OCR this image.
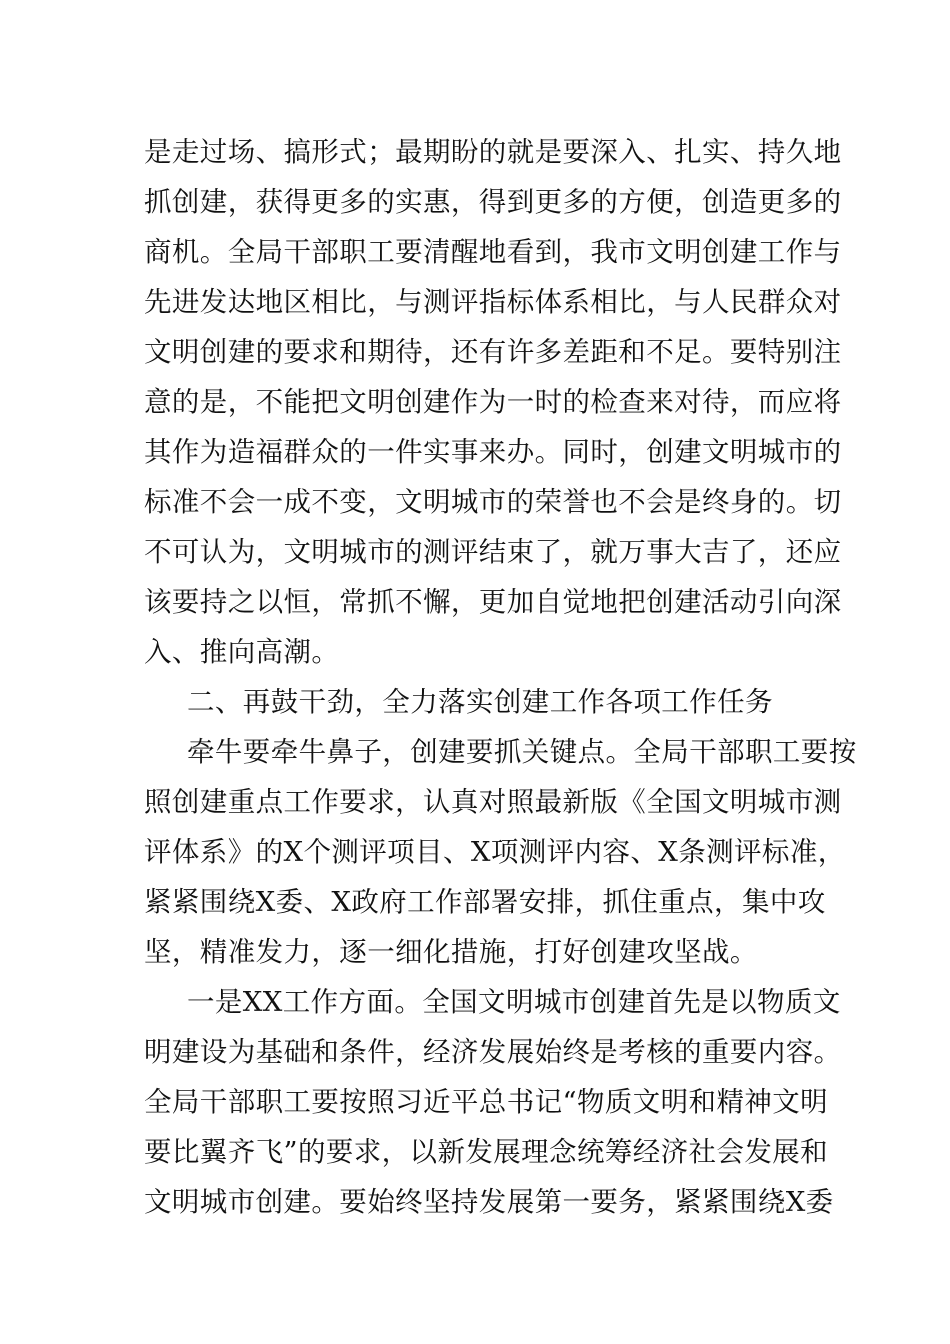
是走过场、搞形式；最期盼的就是要深入、扎实、持久地
抓创建，获得更多的实惠，得到更多的方便，创造更多的
商机。全局干部职工要清醒地看到，我市文明创建工作与
先进发达地区相比，与测评指标体系相比，与人民群众对
文明创建的要求和期待，还有许多差距和不足。要特别注
意的是，不能把文明创建作为一时的检查来对待，而应将
其作为造福群众的一件实事来办。同时，创建文明城市的
标准不会一成不变，文明城市的荣誉也不会是终身的。切
不可认为，文明城市的测评结束了，就万事大吉了，还应
该要持之以恒，常抓不懈，更加自觉地把创建活动引向深
入、推向高潮。
二、再鼓干劲，全力落实创建工作各项工作任务
牵牛要牵牛鼻子，创建要抓关键点。全局干部职工要按
照创建重点工作要求，认真对照最新版《全国文明城市测
评体系》的X个测评项目、X项测评内容、X条测评标准，
紧紧围绕X委、X政府工作部署安排，抓住重点，集中攻
坚，精准发力，逐一细化措施，打好创建攻坚战。
一是XX工作方面。全国文明城市创建首先是以物质文
明建设为基础和条件，经济发展始终是考核的重要内容。
全局干部职工要按照习近平总书记“物质文明和精神文明
要比翼齐飞”的要求，以新发展理念统筹经济社会发展和
文明城市创建。要始终坚持发展第一要务，紧紧围绕X委
